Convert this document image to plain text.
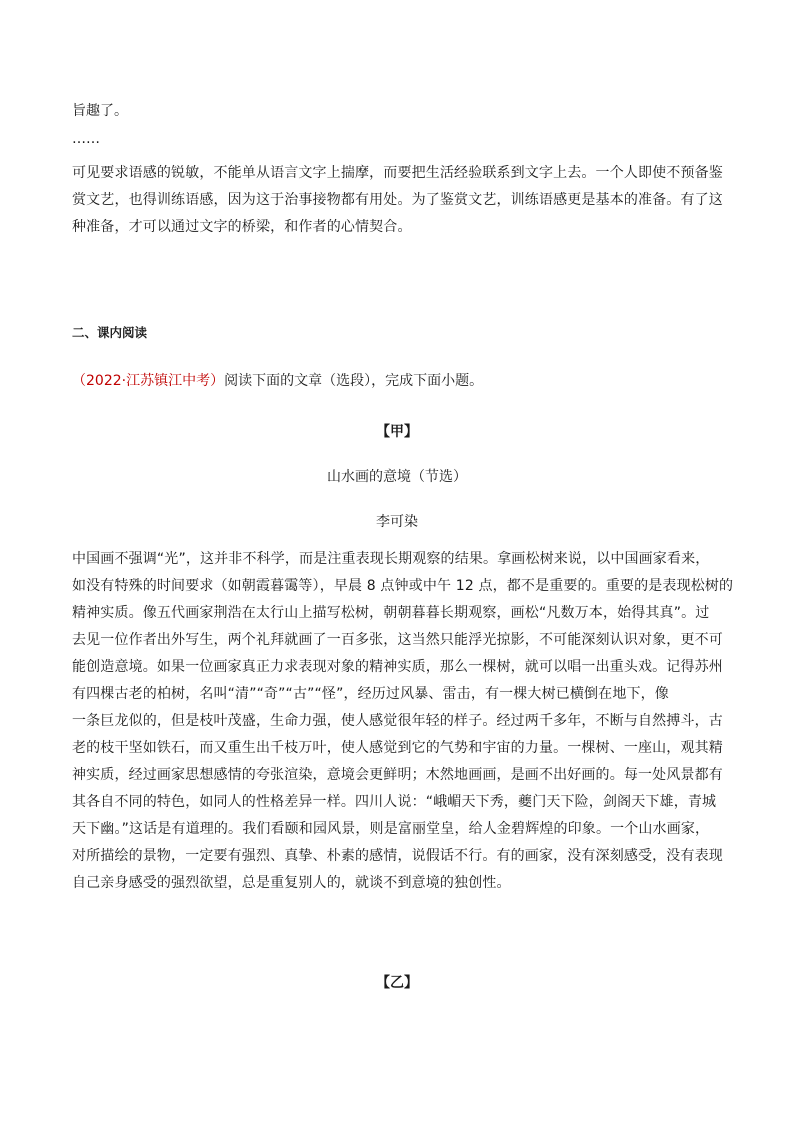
旨趣了。

……

可见要求语感的锐敏，不能单从语言文字上揣摩，而要把生活经验联系到文字上去。一个人即使不预备鉴
赏文艺，也得训练语感，因为这于治事接物都有用处。为了鉴赏文艺，训练语感更是基本的准备。有了这
种准备，才可以通过文字的桥梁，和作者的心情契合。

二、课内阅读

（2022·江苏镇江中考）阅读下面的文章（选段），完成下面小题。

【甲】

山水画的意境（节选）

李可染

中国画不强调“光”，这并非不科学，而是注重表现长期观察的结果。拿画松树来说，以中国画家看来，
如没有特殊的时间要求（如朝霞暮霭等），早晨 8 点钟或中午 12 点，都不是重要的。重要的是表现松树的
精神实质。像五代画家荆浩在太行山上描写松树，朝朝暮暮长期观察，画松“凡数万本，始得其真”。过
去见一位作者出外写生，两个礼拜就画了一百多张，这当然只能浮光掠影，不可能深刻认识对象，更不可
能创造意境。如果一位画家真正力求表现对象的精神实质，那么一棵树，就可以唱一出重头戏。记得苏州
有四棵古老的柏树，名叫“清”“奇”“古”“怪”，经历过风暴、雷击，有一棵大树已横倒在地下，像
一条巨龙似的，但是枝叶茂盛，生命力强，使人感觉很年轻的样子。经过两千多年，不断与自然搏斗，古
老的枝干坚如铁石，而又重生出千枝万叶，使人感觉到它的气势和宇宙的力量。一棵树、一座山，观其精
神实质，经过画家思想感情的夸张渲染，意境会更鲜明；木然地画画，是画不出好画的。每一处风景都有
其各自不同的特色，如同人的性格差异一样。四川人说：“峨嵋天下秀，夔门天下险，剑阁天下雄，青城
天下幽。”这话是有道理的。我们看颐和园风景，则是富丽堂皇，给人金碧辉煌的印象。一个山水画家，
对所描绘的景物，一定要有强烈、真挚、朴素的感情，说假话不行。有的画家，没有深刻感受，没有表现
自己亲身感受的强烈欲望，总是重复别人的，就谈不到意境的独创性。

【乙】
